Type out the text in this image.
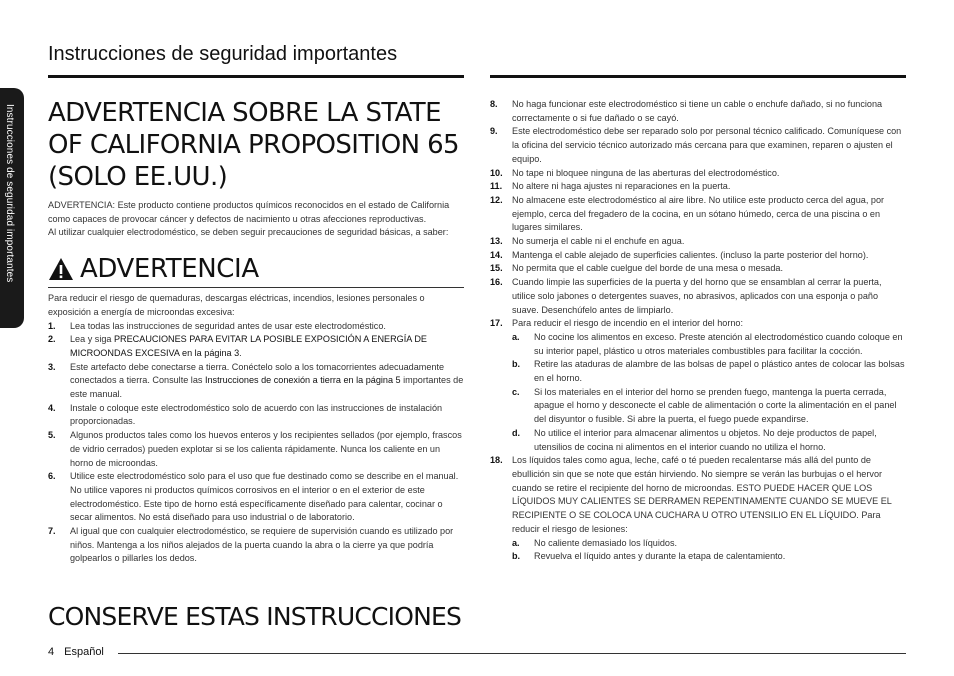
Instrucciones de seguridad importantes
Instrucciones de seguridad importantes
ADVERTENCIA SOBRE LA STATE
OF CALIFORNIA PROPOSITION 65
(SOLO EE.UU.)

ADVERTENCIA: Este producto contiene productos químicos reconocidos en el estado de California como capaces de provocar cáncer y defectos de nacimiento u otras afecciones reproductivas.

Al utilizar cualquier electrodoméstico, se deben seguir precauciones de seguridad básicas, a saber:

ADVERTENCIA

Para reducir el riesgo de quemaduras, descargas eléctricas, incendios, lesiones personales o exposición a energía de microondas excesiva:

1.	Lea todas las instrucciones de seguridad antes de usar este electrodoméstico.
2.	Lea y siga PRECAUCIONES PARA EVITAR LA POSIBLE EXPOSICIÓN A ENERGÍA DE MICROONDAS EXCESIVA en la página 3.
3.	Este artefacto debe conectarse a tierra. Conéctelo solo a los tomacorrientes adecuadamente conectados a tierra. Consulte las Instrucciones de conexión a tierra en la página 5 importantes de este manual.
4.	Instale o coloque este electrodoméstico solo de acuerdo con las instrucciones de instalación proporcionadas.
5.	Algunos productos tales como los huevos enteros y los recipientes sellados (por ejemplo, frascos de vidrio cerrados) pueden explotar si se los calienta rápidamente. Nunca los caliente en un horno de microondas.
6.	Utilice este electrodoméstico solo para el uso que fue destinado como se describe en el manual. No utilice vapores ni productos químicos corrosivos en el interior o en el exterior de este electrodoméstico. Este tipo de horno está específicamente diseñado para calentar, cocinar o secar alimentos. No está diseñado para uso industrial o de laboratorio.
7.	Al igual que con cualquier electrodoméstico, se requiere de supervisión cuando es utilizado por niños. Mantenga a los niños alejados de la puerta cuando la abra o la cierre ya que podría golpearlos o pillarles los dedos.
CONSERVE ESTAS INSTRUCCIONES
8.	No haga funcionar este electrodoméstico si tiene un cable o enchufe dañado, si no funciona correctamente o si fue dañado o se cayó.
9.	Este electrodoméstico debe ser reparado solo por personal técnico calificado. Comuníquese con la oficina del servicio técnico autorizado más cercana para que examinen, reparen o ajusten el equipo.
10.	No tape ni bloquee ninguna de las aberturas del electrodoméstico.
11.	No altere ni haga ajustes ni reparaciones en la puerta.
12.	No almacene este electrodoméstico al aire libre. No utilice este producto cerca del agua, por ejemplo, cerca del fregadero de la cocina, en un sótano húmedo, cerca de una piscina o en lugares similares.
13.	No sumerja el cable ni el enchufe en agua.
14.	Mantenga el cable alejado de superficies calientes. (incluso la parte posterior del horno).
15.	No permita que el cable cuelgue del borde de una mesa o mesada.
16.	Cuando limpie las superficies de la puerta y del horno que se ensamblan al cerrar la puerta, utilice solo jabones o detergentes suaves, no abrasivos, aplicados con una esponja o paño suave. Desenchúfelo antes de limpiarlo.
17.	Para reducir el riesgo de incendio en el interior del horno:
a.	No cocine los alimentos en exceso. Preste atención al electrodoméstico cuando coloque en su interior papel, plástico u otros materiales combustibles para facilitar la cocción.
b.	Retire las ataduras de alambre de las bolsas de papel o plástico antes de colocar las bolsas en el horno.
c.	Si los materiales en el interior del horno se prenden fuego, mantenga la puerta cerrada, apague el horno y desconecte el cable de alimentación o corte la alimentación en el panel del disyuntor o fusible. Si abre la puerta, el fuego puede expandirse.
d.	No utilice el interior para almacenar alimentos u objetos. No deje productos de papel, utensilios de cocina ni alimentos en el interior cuando no utiliza el horno.
18.	Los líquidos tales como agua, leche, café o té pueden recalentarse más allá del punto de ebullición sin que se note que están hirviendo. No siempre se verán las burbujas o el hervor cuando se retire el recipiente del horno de microondas. ESTO PUEDE HACER QUE LOS LÍQUIDOS MUY CALIENTES SE DERRAMEN REPENTINAMENTE CUANDO SE MUEVE EL RECIPIENTE O SE COLOCA UNA CUCHARA U OTRO UTENSILIO EN EL LÍQUIDO. Para reducir el riesgo de lesiones:
a.	No caliente demasiado los líquidos.
b.	Revuelva el líquido antes y durante la etapa de calentamiento.
4 Español
